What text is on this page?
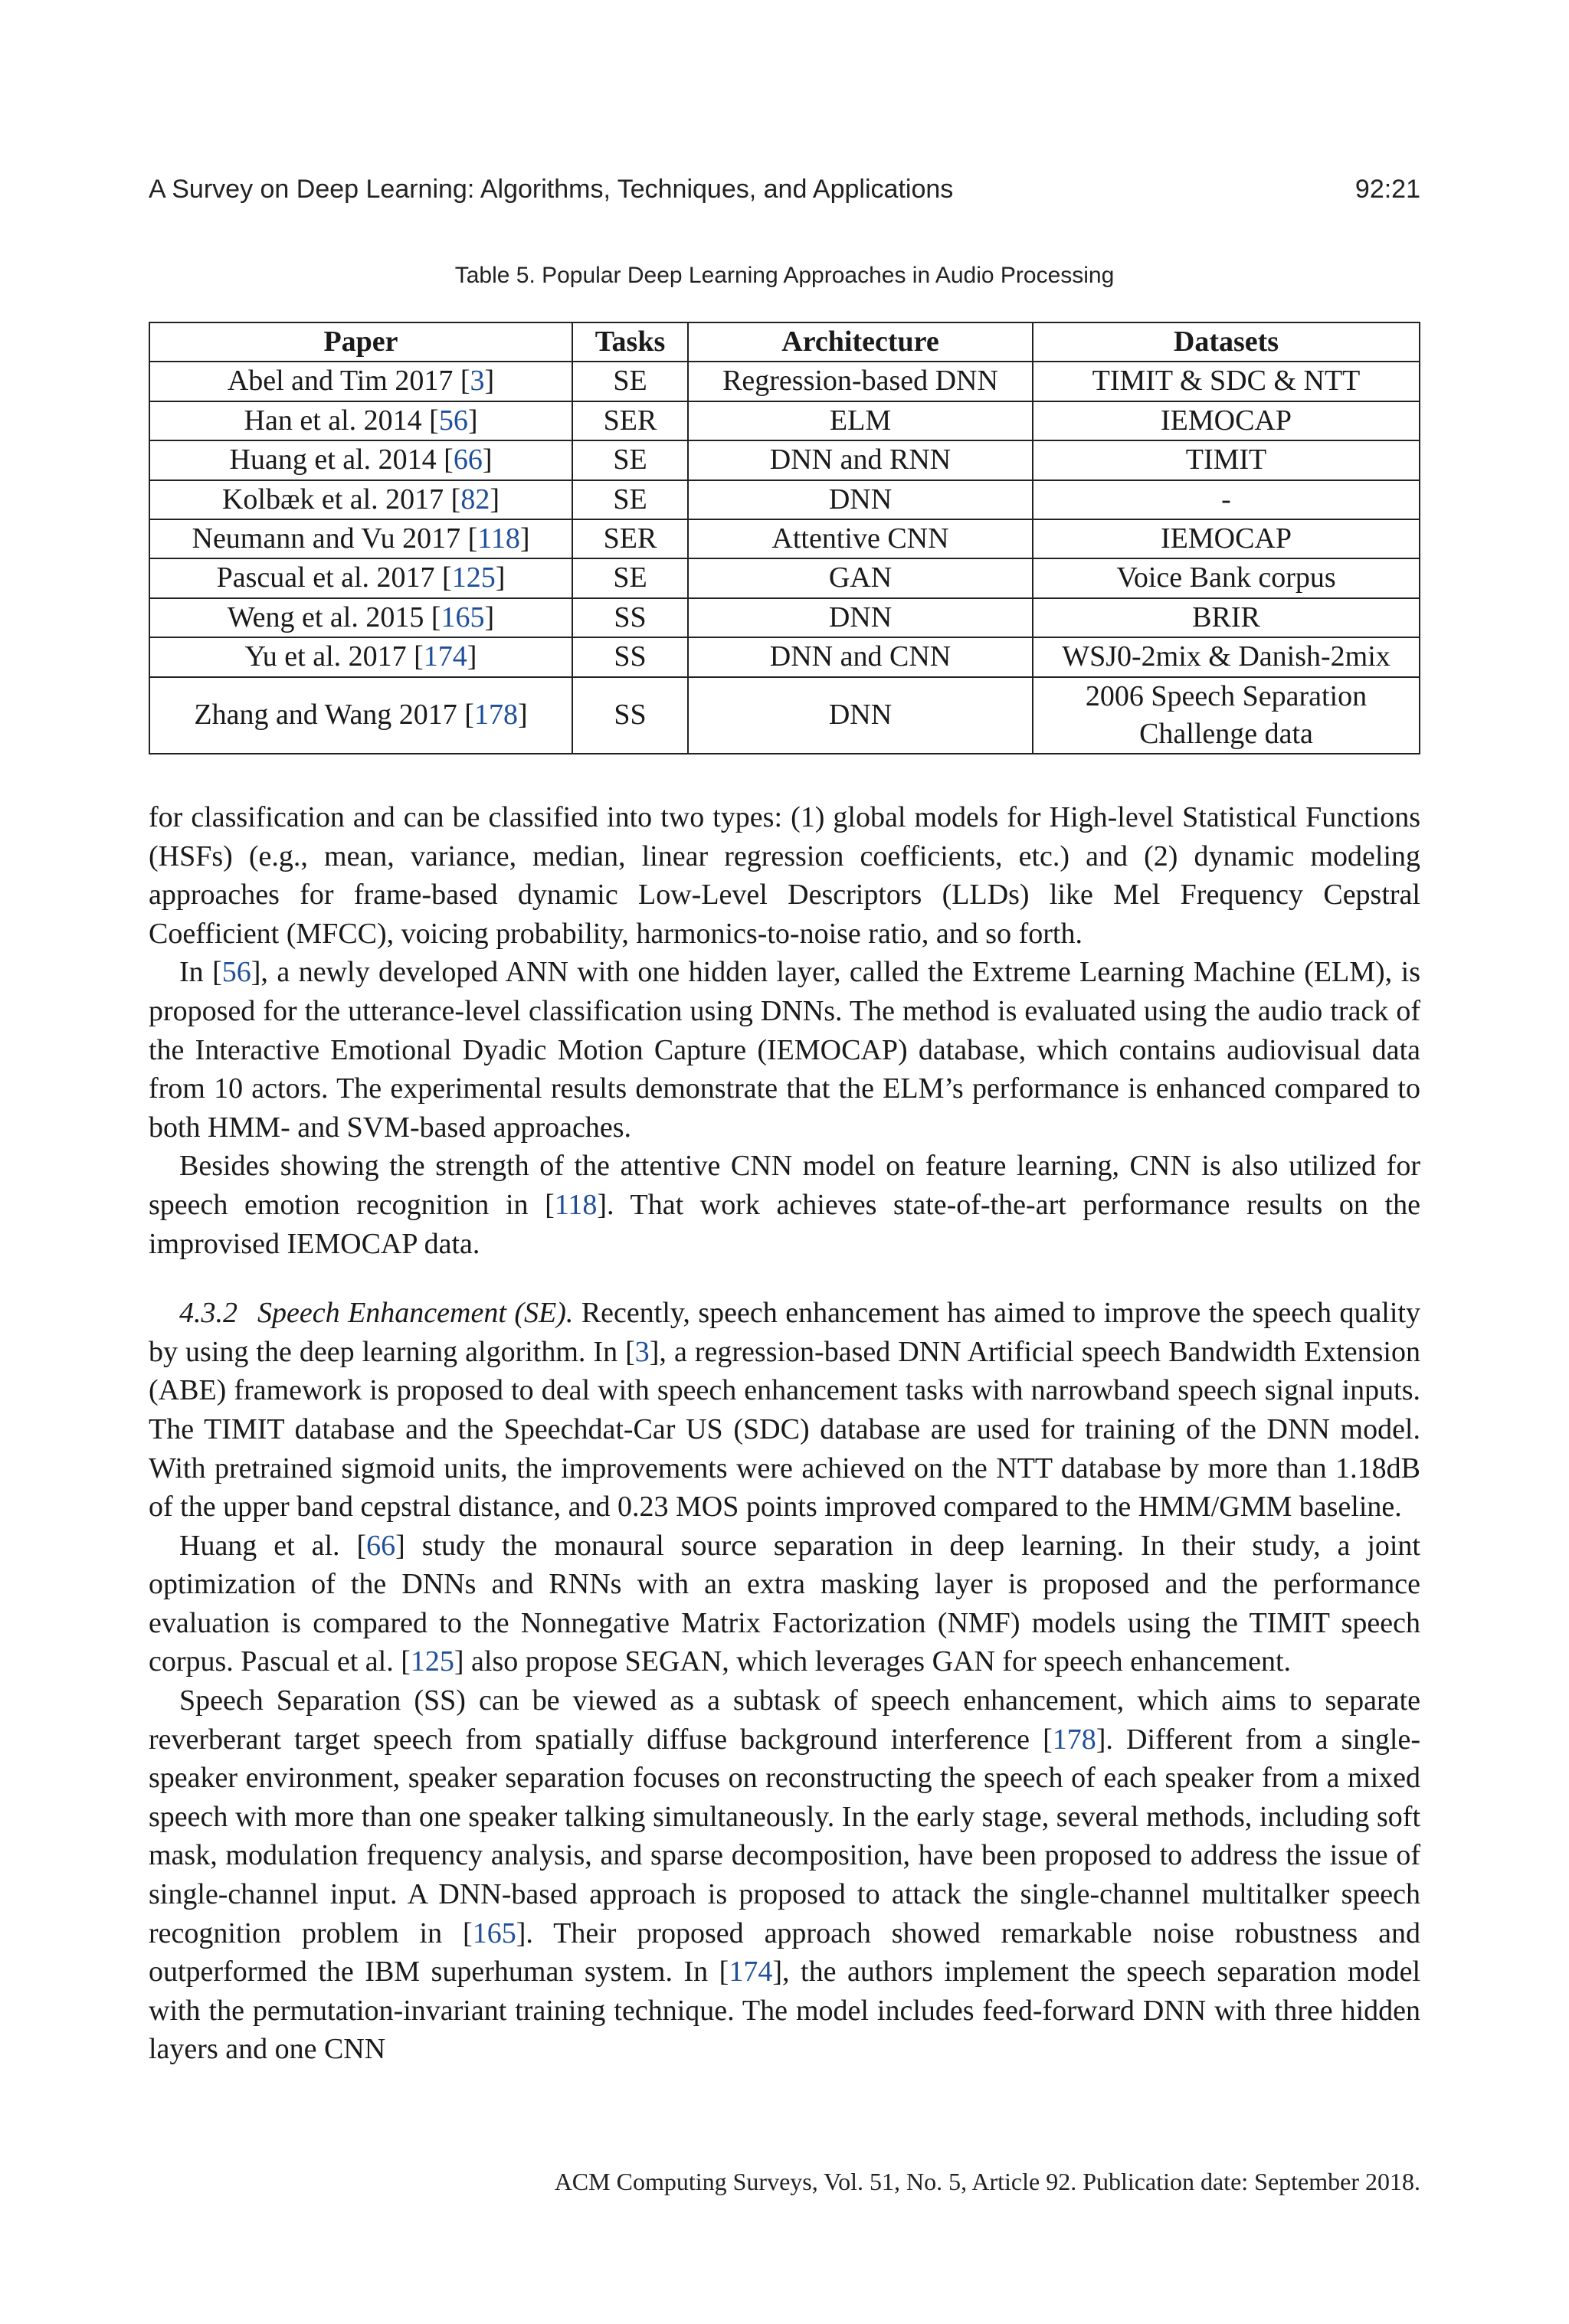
A Survey on Deep Learning: Algorithms, Techniques, and Applications	92:21
Table 5. Popular Deep Learning Approaches in Audio Processing
Paper	Tasks	Architecture	Datasets
Abel and Tim 2017 [3]	SE	Regression-based DNN	TIMIT & SDC & NTT
Han et al. 2014 [56]	SER	ELM	IEMOCAP
Huang et al. 2014 [66]	SE	DNN and RNN	TIMIT
Kolbæk et al. 2017 [82]	SE	DNN	-
Neumann and Vu 2017 [118]	SER	Attentive CNN	IEMOCAP
Pascual et al. 2017 [125]	SE	GAN	Voice Bank corpus
Weng et al. 2015 [165]	SS	DNN	BRIR
Yu et al. 2017 [174]	SS	DNN and CNN	WSJ0-2mix & Danish-2mix
Zhang and Wang 2017 [178]	SS	DNN	2006 Speech Separation
Challenge data

for classification and can be classified into two types: (1) global models for High-level Statistical Functions (HSFs) (e.g., mean, variance, median, linear regression coefficients, etc.) and (2) dynamic modeling approaches for frame-based dynamic Low-Level Descriptors (LLDs) like Mel Frequency Cepstral Coefficient (MFCC), voicing probability, harmonics-to-noise ratio, and so forth.

In [56], a newly developed ANN with one hidden layer, called the Extreme Learning Machine (ELM), is proposed for the utterance-level classification using DNNs. The method is evaluated using the audio track of the Interactive Emotional Dyadic Motion Capture (IEMOCAP) database, which contains audiovisual data from 10 actors. The experimental results demonstrate that the ELM’s performance is enhanced compared to both HMM- and SVM-based approaches.

Besides showing the strength of the attentive CNN model on feature learning, CNN is also utilized for speech emotion recognition in [118]. That work achieves state-of-the-art performance results on the improvised IEMOCAP data.

4.3.2 Speech Enhancement (SE). Recently, speech enhancement has aimed to improve the speech quality by using the deep learning algorithm. In [3], a regression-based DNN Artificial speech Bandwidth Extension (ABE) framework is proposed to deal with speech enhancement tasks with narrowband speech signal inputs. The TIMIT database and the Speechdat-Car US (SDC) database are used for training of the DNN model. With pretrained sigmoid units, the improvements were achieved on the NTT database by more than 1.18dB of the upper band cepstral distance, and 0.23 MOS points improved compared to the HMM/GMM baseline.

Huang et al. [66] study the monaural source separation in deep learning. In their study, a joint optimization of the DNNs and RNNs with an extra masking layer is proposed and the performance evaluation is compared to the Nonnegative Matrix Factorization (NMF) models using the TIMIT speech corpus. Pascual et al. [125] also propose SEGAN, which leverages GAN for speech enhancement.

Speech Separation (SS) can be viewed as a subtask of speech enhancement, which aims to separate reverberant target speech from spatially diffuse background interference [178]. Different from a single-speaker environment, speaker separation focuses on reconstructing the speech of each speaker from a mixed speech with more than one speaker talking simultaneously. In the early stage, several methods, including soft mask, modulation frequency analysis, and sparse decomposition, have been proposed to address the issue of single-channel input. A DNN-based approach is proposed to attack the single-channel multitalker speech recognition problem in [165]. Their proposed approach showed remarkable noise robustness and outperformed the IBM superhuman system. In [174], the authors implement the speech separation model with the permutation-invariant training technique. The model includes feed-forward DNN with three hidden layers and one CNN

ACM Computing Surveys, Vol. 51, No. 5, Article 92. Publication date: September 2018.
